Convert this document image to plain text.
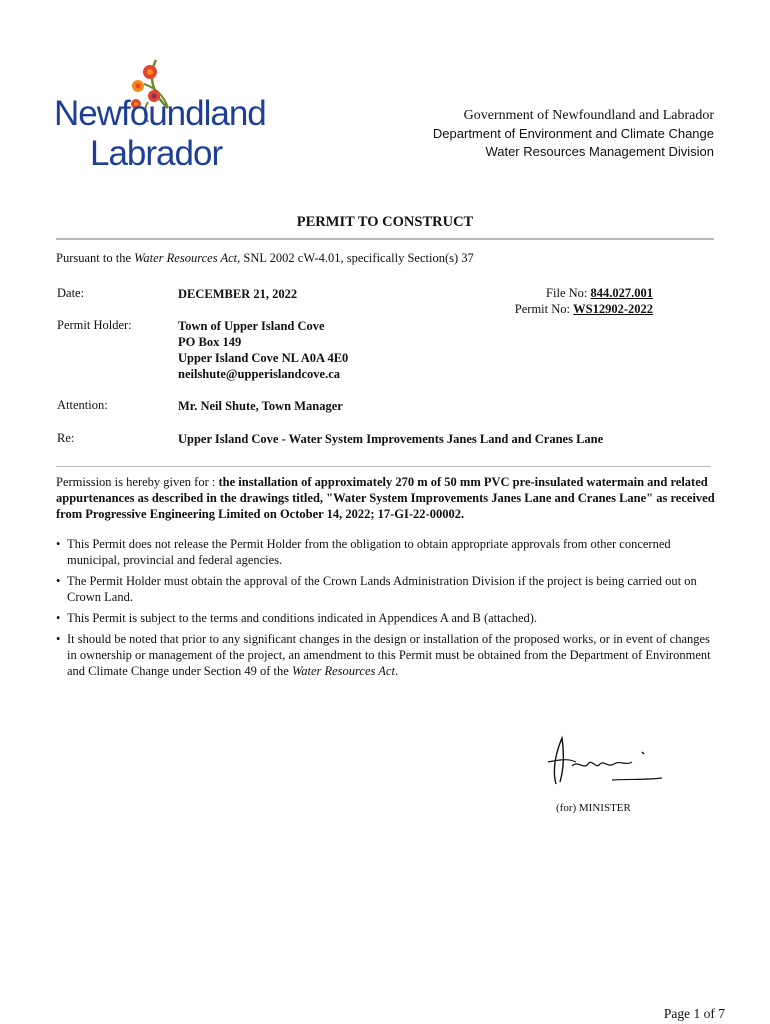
Newfoundland
Labrador
Government of Newfoundland and Labrador
Department of Environment and Climate Change
Water Resources Management Division
PERMIT TO CONSTRUCT
Pursuant to the Water Resources Act, SNL 2002 cW-4.01, specifically Section(s) 37
Date:	DECEMBER 21, 2022	File No: 844.027.001
Permit No: WS12902-2022
Permit Holder:	Town of Upper Island Cove
PO Box 149
Upper Island Cove NL A0A 4E0
neilshute@upperislandcove.ca
Attention:	Mr. Neil Shute, Town Manager
Re:	Upper Island Cove - Water System Improvements Janes Land and Cranes Lane
Permission is hereby given for : the installation of approximately 270 m of 50 mm PVC pre-insulated watermain and related appurtenances as described in the drawings titled, "Water System Improvements Janes Lane and Cranes Lane" as received from Progressive Engineering Limited on October 14, 2022; 17-GI-22-00002.
• This Permit does not release the Permit Holder from the obligation to obtain appropriate approvals from other concerned municipal, provincial and federal agencies.
• The Permit Holder must obtain the approval of the Crown Lands Administration Division if the project is being carried out on Crown Land.
• This Permit is subject to the terms and conditions indicated in Appendices A and B (attached).
• It should be noted that prior to any significant changes in the design or installation of the proposed works, or in event of changes in ownership or management of the project, an amendment to this Permit must be obtained from the Department of Environment and Climate Change under Section 49 of the Water Resources Act.
(for) MINISTER
Page 1 of 7
